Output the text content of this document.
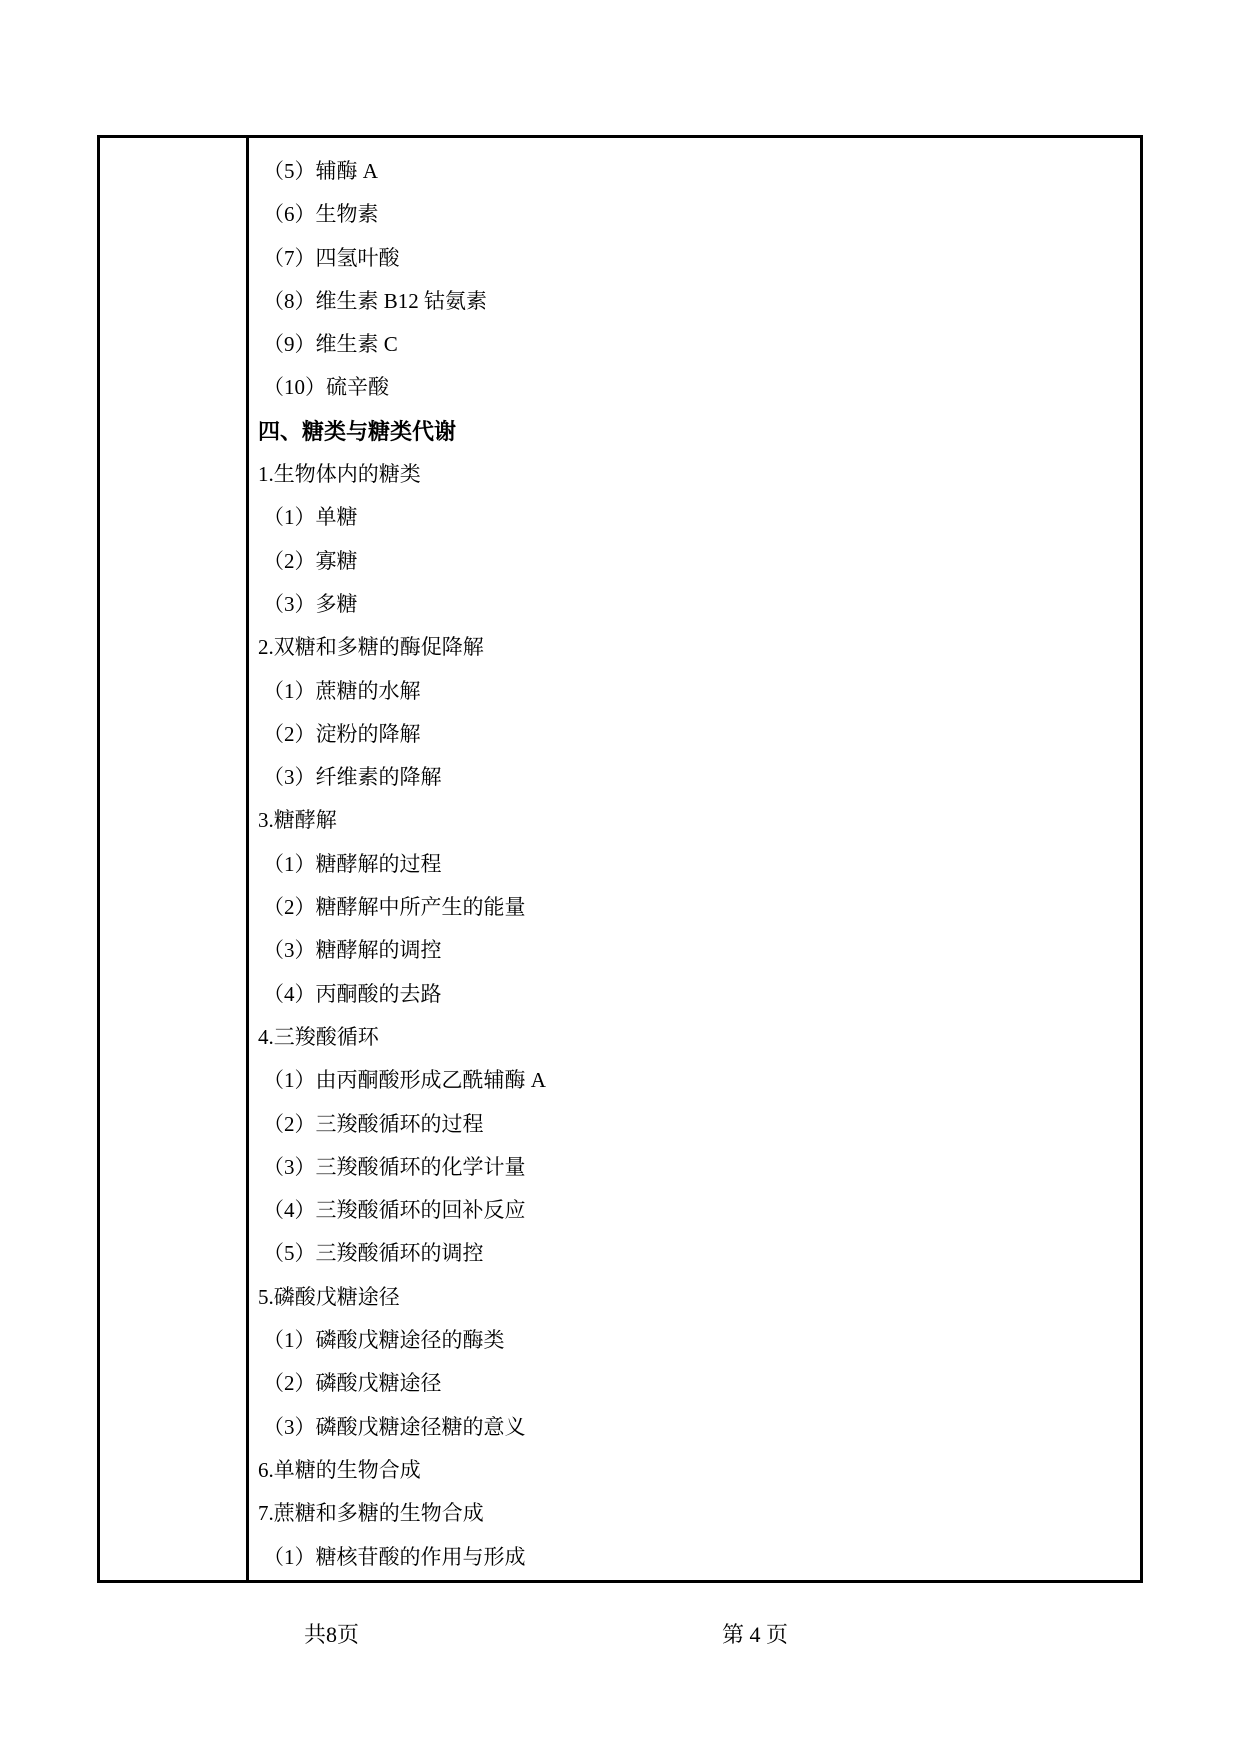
（5）辅酶 A
（6）生物素
（7）四氢叶酸
（8）维生素 B12 钴氨素
（9）维生素 C
（10）硫辛酸
四、糖类与糖类代谢
1.生物体内的糖类
（1）单糖
（2）寡糖
（3）多糖
2.双糖和多糖的酶促降解
（1）蔗糖的水解
（2）淀粉的降解
（3）纤维素的降解
3.糖酵解
（1）糖酵解的过程
（2）糖酵解中所产生的能量
（3）糖酵解的调控
（4）丙酮酸的去路
4.三羧酸循环
（1）由丙酮酸形成乙酰辅酶 A
（2）三羧酸循环的过程
（3）三羧酸循环的化学计量
（4）三羧酸循环的回补反应
（5）三羧酸循环的调控
5.磷酸戊糖途径
（1）磷酸戊糖途径的酶类
（2）磷酸戊糖途径
（3）磷酸戊糖途径糖的意义
6.单糖的生物合成
7.蔗糖和多糖的生物合成
（1）糖核苷酸的作用与形成
共8页	第 4 页
